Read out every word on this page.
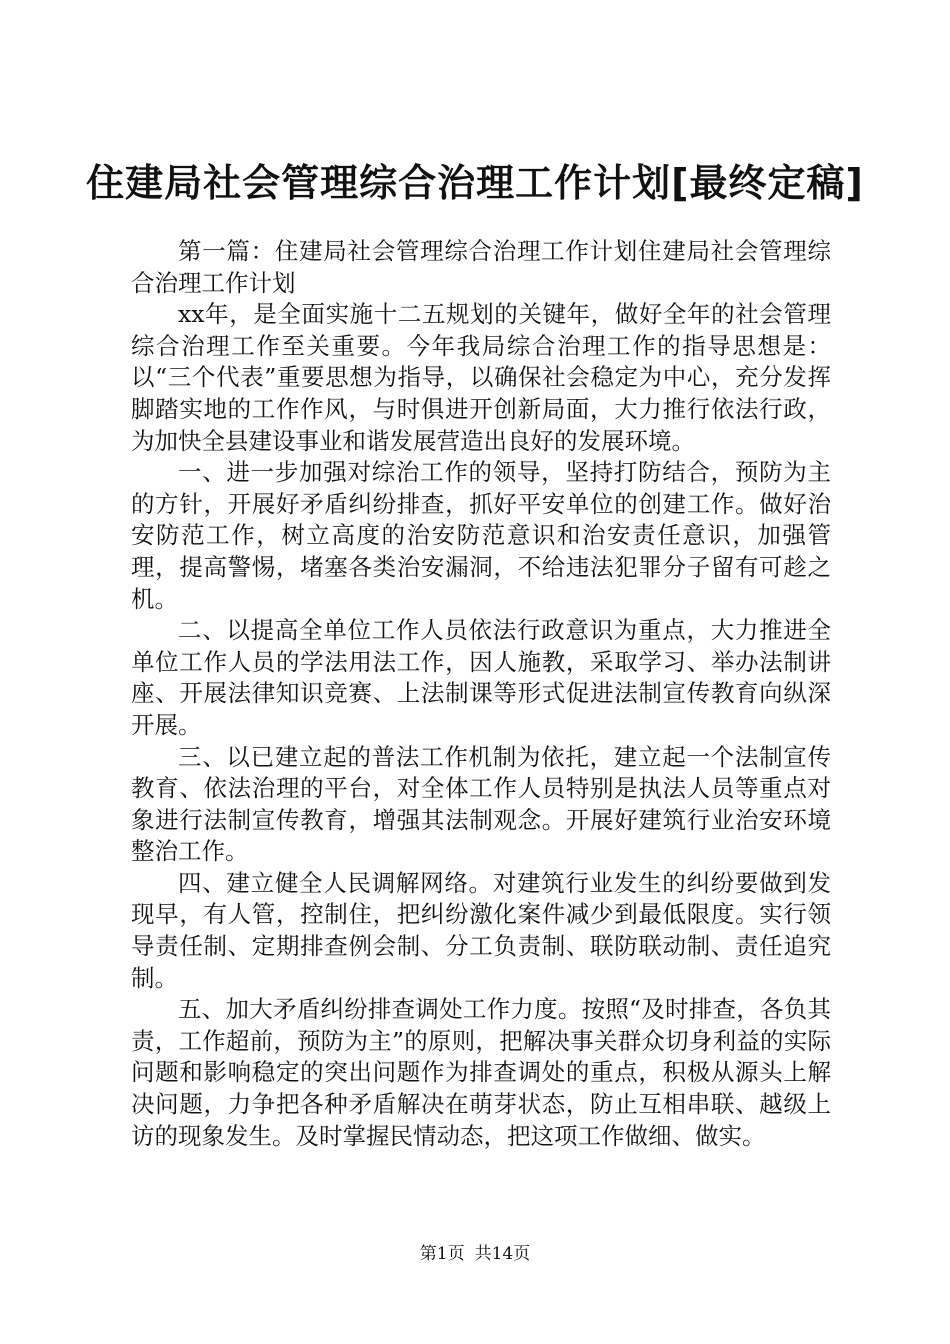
住建局社会管理综合治理工作计划[最终定稿]

第一篇：住建局社会管理综合治理工作计划住建局社会管理综合治理工作计划

xx年，是全面实施十二五规划的关键年，做好全年的社会管理综合治理工作至关重要。今年我局综合治理工作的指导思想是：以“三个代表”重要思想为指导，以确保社会稳定为中心，充分发挥脚踏实地的工作作风，与时俱进开创新局面，大力推行依法行政，为加快全县建设事业和谐发展营造出良好的发展环境。

一、进一步加强对综治工作的领导，坚持打防结合，预防为主的方针，开展好矛盾纠纷排查，抓好平安单位的创建工作。做好治安防范工作，树立高度的治安防范意识和治安责任意识，加强管理，提高警惕，堵塞各类治安漏洞，不给违法犯罪分子留有可趁之机。

二、以提高全单位工作人员依法行政意识为重点，大力推进全单位工作人员的学法用法工作，因人施教，采取学习、举办法制讲座、开展法律知识竞赛、上法制课等形式促进法制宣传教育向纵深开展。

三、以已建立起的普法工作机制为依托，建立起一个法制宣传教育、依法治理的平台，对全体工作人员特别是执法人员等重点对象进行法制宣传教育，增强其法制观念。开展好建筑行业治安环境整治工作。

四、建立健全人民调解网络。对建筑行业发生的纠纷要做到发现早，有人管，控制住，把纠纷激化案件减少到最低限度。实行领导责任制、定期排查例会制、分工负责制、联防联动制、责任追究制。

五、加大矛盾纠纷排查调处工作力度。按照“及时排查，各负其责，工作超前，预防为主”的原则，把解决事关群众切身利益的实际问题和影响稳定的突出问题作为排查调处的重点，积极从源头上解决问题，力争把各种矛盾解决在萌芽状态，防止互相串联、越级上访的现象发生。及时掌握民情动态，把这项工作做细、做实。

第1页 共14页
